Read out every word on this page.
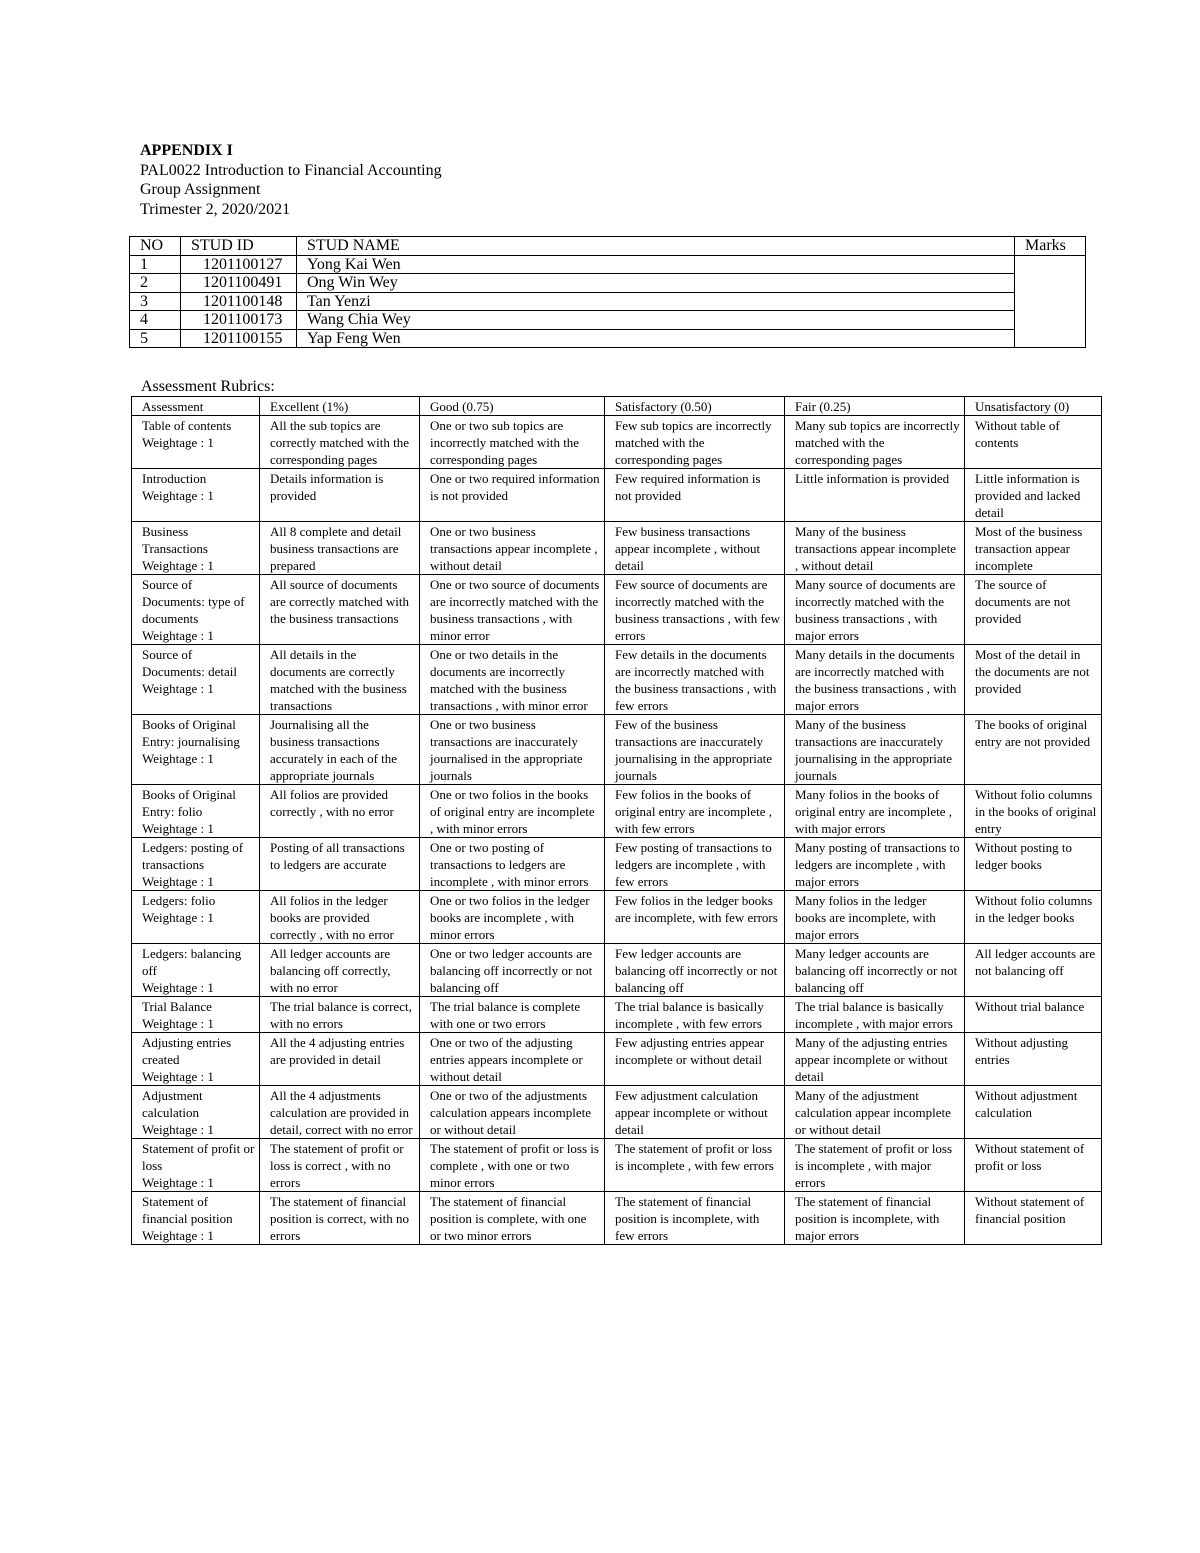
APPENDIX I
PAL0022 Introduction to Financial Accounting
Group Assignment
Trimester 2, 2020/2021
NO	STUD ID	STUD NAME	Marks
1	1201100127	Yong Kai Wen	
2	1201100491	Ong Win Wey	
3	1201100148	Tan Yenzi	
4	1201100173	Wang Chia Wey	
5	1201100155	Yap Feng Wen	
Assessment Rubrics:
Assessment	Excellent (1%)	Good (0.75)	Satisfactory (0.50)	Fair (0.25)	Unsatisfactory (0)
Table of contents
Weightage : 1	All the sub topics are correctly matched with the corresponding pages	One or two sub topics are incorrectly matched with the corresponding pages	Few sub topics are incorrectly matched with the corresponding pages	Many sub topics are incorrectly matched with the corresponding pages	Without table of contents
Introduction
Weightage : 1	Details information is provided	One or two required information is not provided	Few required information is not provided	Little information is provided	Little information is provided and lacked detail
Business Transactions
Weightage : 1	All 8 complete and detail business transactions are prepared	One or two business transactions appear incomplete , without detail	Few business transactions appear incomplete , without detail	Many of the business transactions appear incomplete , without detail	Most of the business transaction appear incomplete
Source of Documents: type of documents
Weightage : 1	All source of documents are correctly matched with the business transactions	One or two source of documents are incorrectly matched with the business transactions , with minor error	Few source of documents are incorrectly matched with the business transactions , with few errors	Many source of documents are incorrectly matched with the business transactions , with major errors	The source of documents are not provided
Source of Documents: detail
Weightage : 1	All details in the documents are correctly matched with the business transactions	One or two details in the documents are incorrectly matched with the business transactions , with minor error	Few details in the documents are incorrectly matched with the business transactions , with few errors	Many details in the documents are incorrectly matched with the business transactions , with major errors	Most of the detail in the documents are not provided
Books of Original Entry: journalising
Weightage : 1	Journalising all the business transactions accurately in each of the appropriate journals	One or two business transactions are inaccurately journalised in the appropriate journals	Few of the business transactions are inaccurately journalising in the appropriate journals	Many of the business transactions are inaccurately journalising in the appropriate journals	The books of original entry are not provided
Books of Original Entry: folio
Weightage : 1	All folios are provided correctly , with no error	One or two folios in the books of original entry are incomplete , with minor errors	Few folios in the books of original entry are incomplete , with few errors	Many folios in the books of original entry are incomplete , with major errors	Without folio columns in the books of original entry
Ledgers: posting of transactions
Weightage : 1	Posting of all transactions to ledgers are accurate	One or two posting of transactions to ledgers are incomplete , with minor errors	Few posting of transactions to ledgers are incomplete , with few errors	Many posting of transactions to ledgers are incomplete , with major errors	Without posting to ledger books
Ledgers: folio
Weightage : 1	All folios in the ledger books are provided correctly , with no error	One or two folios in the ledger books are incomplete , with minor errors	Few folios in the ledger books are incomplete, with few errors	Many folios in the ledger books are incomplete, with major errors	Without folio columns in the ledger books
Ledgers: balancing off
Weightage : 1	All ledger accounts are balancing off correctly, with no error	One or two ledger accounts are balancing off incorrectly or not balancing off	Few ledger accounts are balancing off incorrectly or not balancing off	Many ledger accounts are balancing off incorrectly or not balancing off	All ledger accounts are not balancing off
Trial Balance
Weightage : 1	The trial balance is correct, with no errors	The trial balance is complete with one or two errors	The trial balance is basically incomplete , with few errors	The trial balance is basically incomplete , with major errors	Without trial balance
Adjusting entries created
Weightage : 1	All the 4 adjusting entries are provided in detail	One or two of the adjusting entries appears incomplete or without detail	Few adjusting entries appear incomplete or without detail	Many of the adjusting entries appear incomplete or without detail	Without adjusting entries
Adjustment calculation
Weightage : 1	All the 4 adjustments calculation are provided in detail, correct with no error	One or two of the adjustments calculation appears incomplete or without detail	Few adjustment calculation appear incomplete or without detail	Many of the adjustment calculation appear incomplete or without detail	Without adjustment calculation
Statement of profit or loss
Weightage : 1	The statement of profit or loss is correct , with no errors	The statement of profit or loss is complete , with one or two minor errors	The statement of profit or loss is incomplete , with few errors	The statement of profit or loss is incomplete , with major errors	Without statement of profit or loss
Statement of financial position
Weightage : 1	The statement of financial position is correct, with no errors	The statement of financial position is complete, with one or two minor errors	The statement of financial position is incomplete, with few errors	The statement of financial position is incomplete, with major errors	Without statement of financial position
